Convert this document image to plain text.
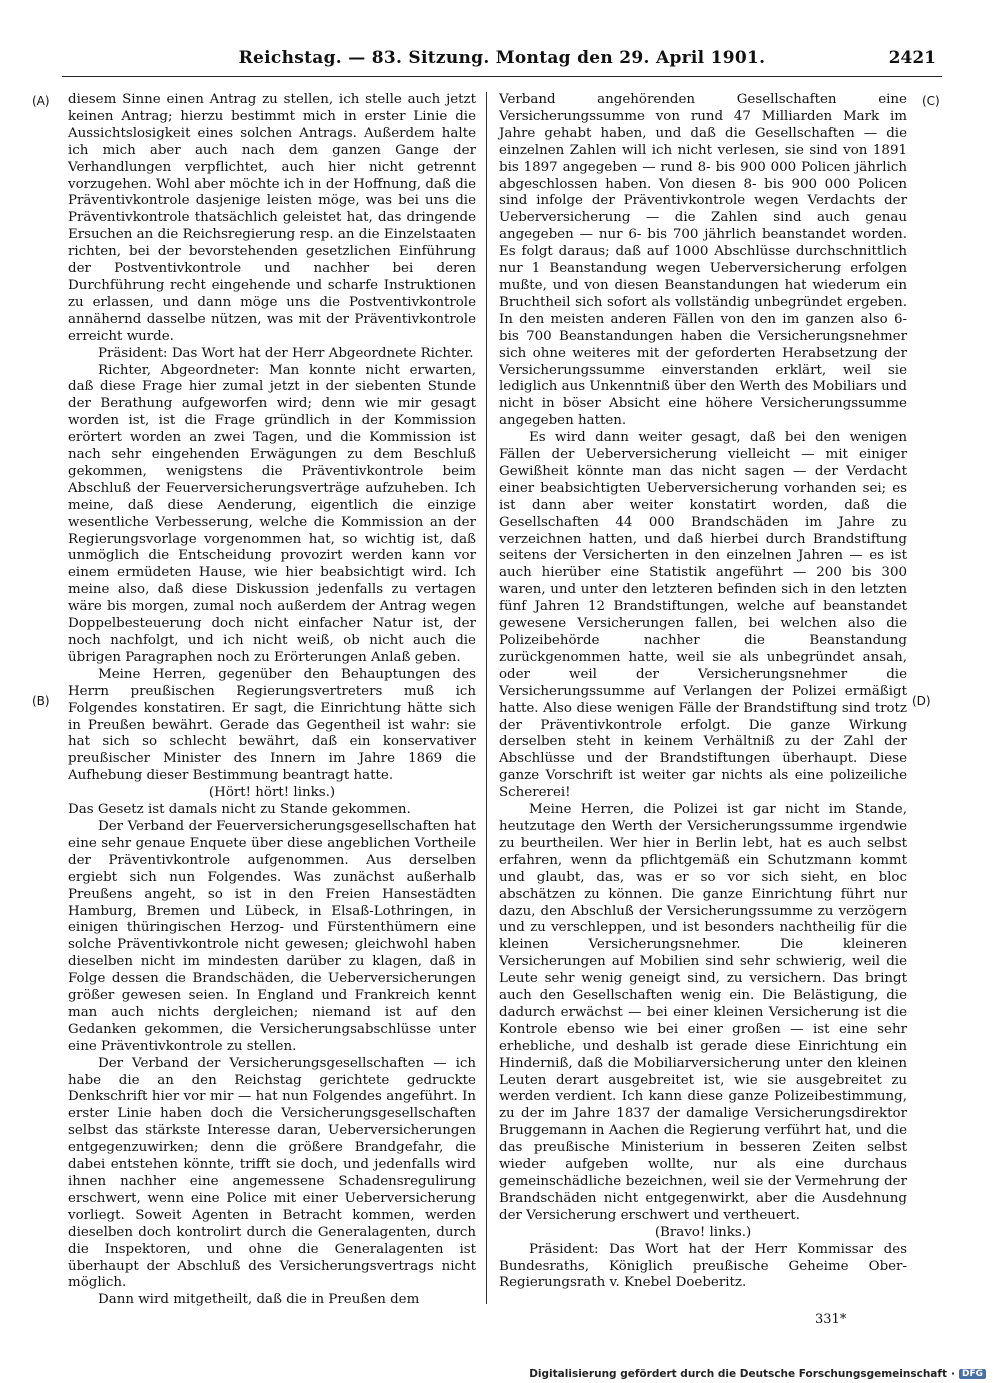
Reichstag. — 83. Sitzung. Montag den 29. April 1901.	2421
(A)
(B)
(C)
(D)

diesem Sinne einen Antrag zu stellen, ich stelle auch jetzt keinen Antrag; hierzu bestimmt mich in erster Linie die Aussichtslosigkeit eines solchen Antrags. Außerdem halte ich mich aber auch nach dem ganzen Gange der Verhandlungen verpflichtet, auch hier nicht getrennt vorzugehen. Wohl aber möchte ich in der Hoffnung, daß die Präventivkontrole dasjenige leisten möge, was bei uns die Präventivkontrole thatsächlich geleistet hat, das dringende Ersuchen an die Reichsregierung resp. an die Einzelstaaten richten, bei der bevorstehenden gesetzlichen Einführung der Postventivkontrole und nachher bei deren Durchführung recht eingehende und scharfe Instruktionen zu erlassen, und dann möge uns die Postventivkontrole annähernd dasselbe nützen, was mit der Präventivkontrole erreicht wurde.

Präsident: Das Wort hat der Herr Abgeordnete Richter.

Richter, Abgeordneter: Man konnte nicht erwarten, daß diese Frage hier zumal jetzt in der siebenten Stunde der Berathung aufgeworfen wird; denn wie mir gesagt worden ist, ist die Frage gründlich in der Kommission erörtert worden an zwei Tagen, und die Kommission ist nach sehr eingehenden Erwägungen zu dem Beschluß gekommen, wenigstens die Präventivkontrole beim Abschluß der Feuerversicherungsverträge aufzuheben. Ich meine, daß diese Aenderung, eigentlich die einzige wesentliche Verbesserung, welche die Kommission an der Regierungsvorlage vorgenommen hat, so wichtig ist, daß unmöglich die Entscheidung provozirt werden kann vor einem ermüdeten Hause, wie hier beabsichtigt wird. Ich meine also, daß diese Diskussion jedenfalls zu vertagen wäre bis morgen, zumal noch außerdem der Antrag wegen Doppelbesteuerung doch nicht einfacher Natur ist, der noch nachfolgt, und ich nicht weiß, ob nicht auch die übrigen Paragraphen noch zu Erörterungen Anlaß geben.

Meine Herren, gegenüber den Behauptungen des Herrn preußischen Regierungsvertreters muß ich Folgendes konstatiren. Er sagt, die Einrichtung hätte sich in Preußen bewährt. Gerade das Gegentheil ist wahr: sie hat sich so schlecht bewährt, daß ein konservativer preußischer Minister des Innern im Jahre 1869 die Aufhebung dieser Bestimmung beantragt hatte.

(Hört! hört! links.)

Das Gesetz ist damals nicht zu Stande gekommen.

Der Verband der Feuerversicherungsgesellschaften hat eine sehr genaue Enquete über diese angeblichen Vortheile der Präventivkontrole aufgenommen. Aus derselben ergiebt sich nun Folgendes. Was zunächst außerhalb Preußens angeht, so ist in den Freien Hansestädten Hamburg, Bremen und Lübeck, in Elsaß-Lothringen, in einigen thüringischen Herzog- und Fürstenthümern eine solche Präventivkontrole nicht gewesen; gleichwohl haben dieselben nicht im mindesten darüber zu klagen, daß in Folge dessen die Brandschäden, die Ueberversicherungen größer gewesen seien. In England und Frankreich kennt man auch nichts dergleichen; niemand ist auf den Gedanken gekommen, die Versicherungsabschlüsse unter eine Präventivkontrole zu stellen.

Der Verband der Versicherungsgesellschaften — ich habe die an den Reichstag gerichtete gedruckte Denkschrift hier vor mir — hat nun Folgendes angeführt. In erster Linie haben doch die Versicherungsgesellschaften selbst das stärkste Interesse daran, Ueberversicherungen entgegenzuwirken; denn die größere Brandgefahr, die dabei entstehen könnte, trifft sie doch, und jedenfalls wird ihnen nachher eine angemessene Schadensregulirung erschwert, wenn eine Police mit einer Ueberversicherung vorliegt. Soweit Agenten in Betracht kommen, werden dieselben doch kontrolirt durch die Generalagenten, durch die Inspektoren, und ohne die Generalagenten ist überhaupt der Abschluß des Versicherungsvertrags nicht möglich.

Dann wird mitgetheilt, daß die in Preußen dem

Verband angehörenden Gesellschaften eine Versicherungssumme von rund 47 Milliarden Mark im Jahre gehabt haben, und daß die Gesellschaften — die einzelnen Zahlen will ich nicht verlesen, sie sind von 1891 bis 1897 angegeben — rund 8- bis 900 000 Policen jährlich abgeschlossen haben. Von diesen 8- bis 900 000 Policen sind infolge der Präventivkontrole wegen Verdachts der Ueberversicherung — die Zahlen sind auch genau angegeben — nur 6- bis 700 jährlich beanstandet worden. Es folgt daraus; daß auf 1000 Abschlüsse durchschnittlich nur 1 Beanstandung wegen Ueberversicherung erfolgen mußte, und von diesen Beanstandungen hat wiederum ein Bruchtheil sich sofort als vollständig unbegründet ergeben. In den meisten anderen Fällen von den im ganzen also 6- bis 700 Beanstandungen haben die Versicherungsnehmer sich ohne weiteres mit der geforderten Herabsetzung der Versicherungssumme einverstanden erklärt, weil sie lediglich aus Unkenntniß über den Werth des Mobiliars und nicht in böser Absicht eine höhere Versicherungssumme angegeben hatten.

Es wird dann weiter gesagt, daß bei den wenigen Fällen der Ueberversicherung vielleicht — mit einiger Gewißheit könnte man das nicht sagen — der Verdacht einer beabsichtigten Ueberversicherung vorhanden sei; es ist dann aber weiter konstatirt worden, daß die Gesellschaften 44 000 Brandschäden im Jahre zu verzeichnen hatten, und daß hierbei durch Brandstiftung seitens der Versicherten in den einzelnen Jahren — es ist auch hierüber eine Statistik angeführt — 200 bis 300 waren, und unter den letzteren befinden sich in den letzten fünf Jahren 12 Brandstiftungen, welche auf beanstandet gewesene Versicherungen fallen, bei welchen also die Polizeibehörde nachher die Beanstandung zurückgenommen hatte, weil sie als unbegründet ansah, oder weil der Versicherungsnehmer die Versicherungssumme auf Verlangen der Polizei ermäßigt hatte. Also diese wenigen Fälle der Brandstiftung sind trotz der Präventivkontrole erfolgt. Die ganze Wirkung derselben steht in keinem Verhältniß zu der Zahl der Abschlüsse und der Brandstiftungen überhaupt. Diese ganze Vorschrift ist weiter gar nichts als eine polizeiliche Schererei!

Meine Herren, die Polizei ist gar nicht im Stande, heutzutage den Werth der Versicherungssumme irgendwie zu beurtheilen. Wer hier in Berlin lebt, hat es auch selbst erfahren, wenn da pflichtgemäß ein Schutzmann kommt und glaubt, das, was er so vor sich sieht, en bloc abschätzen zu können. Die ganze Einrichtung führt nur dazu, den Abschluß der Versicherungssumme zu verzögern und zu verschleppen, und ist besonders nachtheilig für die kleinen Versicherungsnehmer. Die kleineren Versicherungen auf Mobilien sind sehr schwierig, weil die Leute sehr wenig geneigt sind, zu versichern. Das bringt auch den Gesellschaften wenig ein. Die Belästigung, die dadurch erwächst — bei einer kleinen Versicherung ist die Kontrole ebenso wie bei einer großen — ist eine sehr erhebliche, und deshalb ist gerade diese Einrichtung ein Hinderniß, daß die Mobiliarversicherung unter den kleinen Leuten derart ausgebreitet ist, wie sie ausgebreitet zu werden verdient. Ich kann diese ganze Polizeibestimmung, zu der im Jahre 1837 der damalige Versicherungsdirektor Bruggemann in Aachen die Regierung verführt hat, und die das preußische Ministerium in besseren Zeiten selbst wieder aufgeben wollte, nur als eine durchaus gemeinschädliche bezeichnen, weil sie der Vermehrung der Brandschäden nicht entgegenwirkt, aber die Ausdehnung der Versicherung erschwert und vertheuert.

(Bravo! links.)

Präsident: Das Wort hat der Herr Kommissar des Bundesraths, Königlich preußische Geheime Ober-Regierungsrath v. Knebel Doeberitz.

331*
Digitalisierung gefördert durch die Deutsche Forschungsgemeinschaft · DFG
